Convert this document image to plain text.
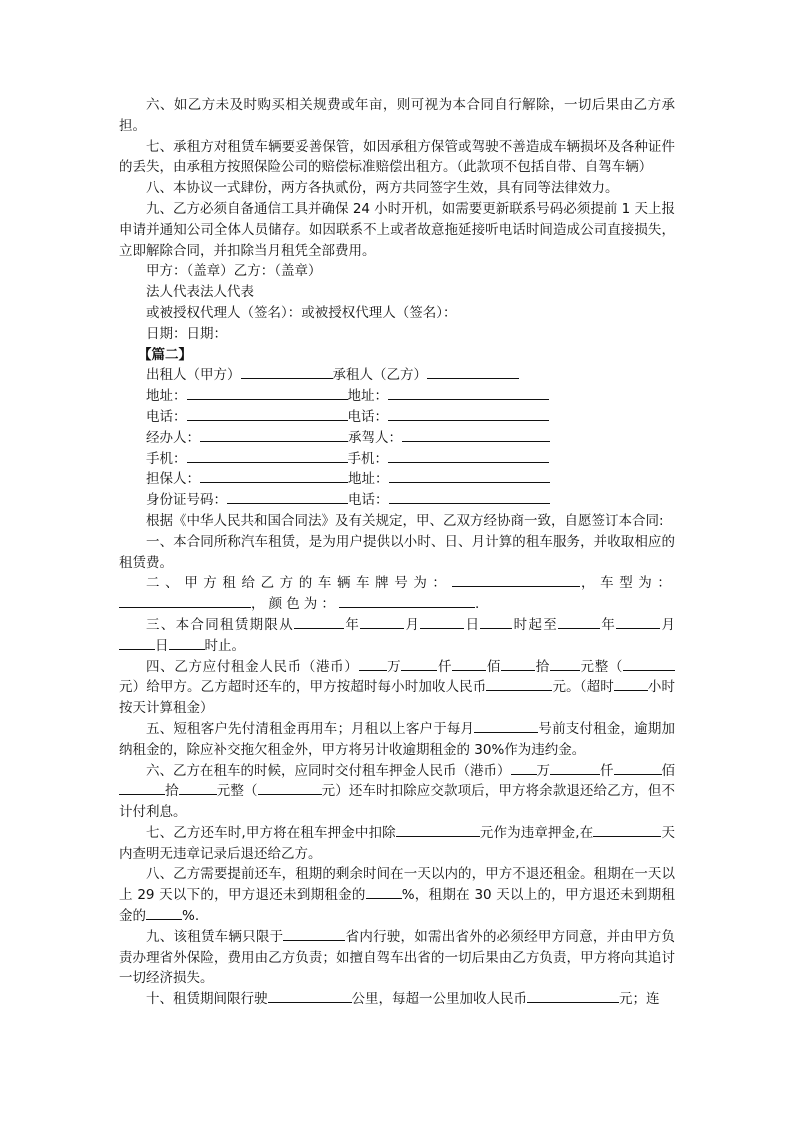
六、如乙方未及时购买相关规费或年亩，则可视为本合同自行解除，一切后果由乙方承担。

七、承租方对租赁车辆要妥善保管，如因承租方保管或驾驶不善造成车辆损坏及各种证件的丢失，由承租方按照保险公司的赔偿标准赔偿出租方。（此款项不包括自带、自驾车辆）

八、本协议一式肆份，两方各执贰份，两方共同签字生效，具有同等法律效力。

九、乙方必须自备通信工具并确保 24 小时开机，如需要更新联系号码必须提前 1 天上报申请并通知公司全体人员储存。如因联系不上或者故意拖延接听电话时间造成公司直接损失，立即解除合同，并扣除当月租凭全部费用。

甲方：（盖章）乙方：（盖章）

法人代表法人代表

或被授权代理人（签名）：或被授权代理人（签名）：

日期：日期：

【篇二】

出租人（甲方）	承租人（乙方）

地址：	地址：

电话：	电话：

经办人：	承驾人：

手机：	手机：

担保人：	地址：

身份证号码：	电话：

根据《中华人民共和国合同法》及有关规定，甲、乙双方经协商一致，自愿签订本合同:

一、本合同所称汽车租赁，是为用户提供以小时、日、月计算的租车服务，并收取相应的租赁费。

二、甲方租给乙方的车辆车牌号为：	，车型为：，颜色为：	.

三、本合同租赁期限从	年	月	日 时起至	年	月日	时止。

四、乙方应付租金人民币（港币） 万	仟	佰	拾 元整（元）给甲方。乙方超时还车的，甲方按超时每小时加收人民币	元。（超时	小时按天计算租金）

五、短租客户先付清租金再用车；月租以上客户于每月	号前支付租金，逾期加纳租金的，除应补交拖欠租金外，甲方将另计收逾期租金的 30%作为违约金。

六、乙方在租车的时候，应同时交付租车押金人民币（港币） 万	仟	佰拾	元整（	元）还车时扣除应交款项后，甲方将余款退还给乙方，但不计付利息。

七、乙方还车时,甲方将在租车押金中扣除	元作为违章押金,在	天内查明无违章记录后退还给乙方。

八、乙方需要提前还车，租期的剩余时间在一天以内的，甲方不退还租金。租期在一天以上 29 天以下的，甲方退还未到期租金的	%，租期在 30 天以上的，甲方退还未到期租金的	%.

九、该租赁车辆只限于	省内行驶，如需出省外的必须经甲方同意，并由甲方负责办理省外保险，费用由乙方负责；如擅自驾车出省的一切后果由乙方负责，甲方将向其追讨一切经济损失。

十、租赁期间限行驶	公里，每超一公里加收人民币	元；连
